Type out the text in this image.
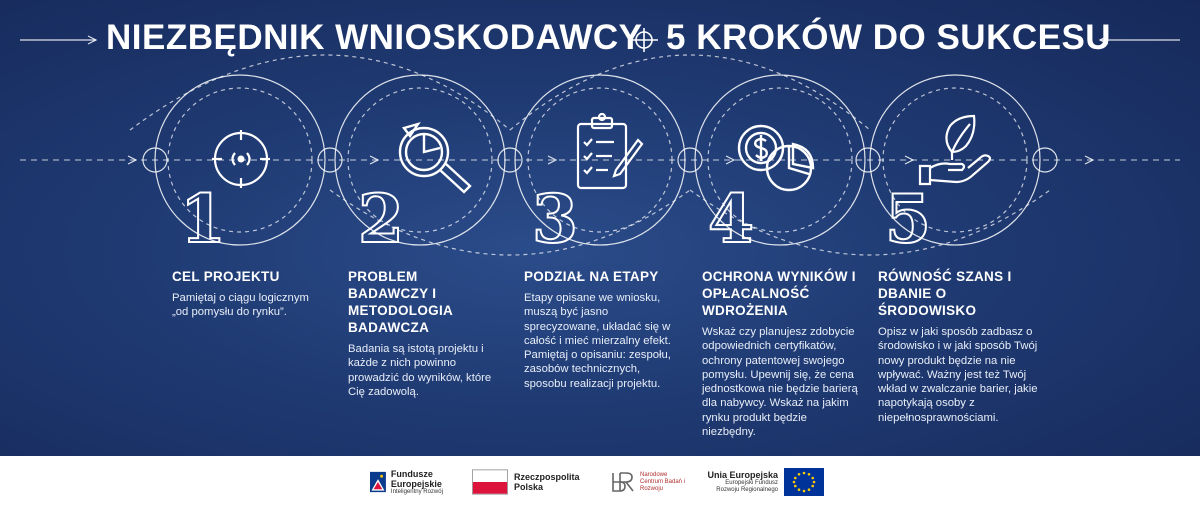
NIEZBĘDNIK WNIOSKODAWCY 5 KROKÓW DO SUKCESU
1 2 3 4 5
CEL PROJEKTU

Pamiętaj o ciągu logicznym „od pomysłu do rynku”.

PROBLEM BADAWCZY I METODOLOGIA BADAWCZA

Badania są istotą projektu i każde z nich powinno prowadzić do wyników, które Cię zadowolą.

PODZIAŁ NA ETAPY

Etapy opisane we wniosku, muszą być jasno sprecyzowane, układać się w całość i mieć mierzalny efekt. Pamiętaj o opisaniu: zespołu, zasobów technicznych, sposobu realizacji projektu.

OCHRONA WYNIKÓW I OPŁACALNOŚĆ WDROŻENIA

Wskaż czy planujesz zdobycie odpowiednich certyfikatów, ochrony patentowej swojego pomysłu. Upewnij się, że cena jednostkowa nie będzie barierą dla nabywcy. Wskaż na jakim rynku produkt będzie niezbędny.

RÓWNOŚĆ SZANS I DBANIE O ŚRODOWISKO

Opisz w jaki sposób zadbasz o środowisko i w jaki sposób Twój nowy produkt będzie na nie wpływać. Ważny jest też Twój wkład w zwalczanie barier, jakie napotykają osoby z niepełnosprawnościami.

Fundusze Europejskie
Inteligentny Rozwój
Rzeczpospolita Polska
Narodowe Centrum Badań i Rozwoju
Unia Europejska
Europejski Fundusz Rozwoju Regionalnego
